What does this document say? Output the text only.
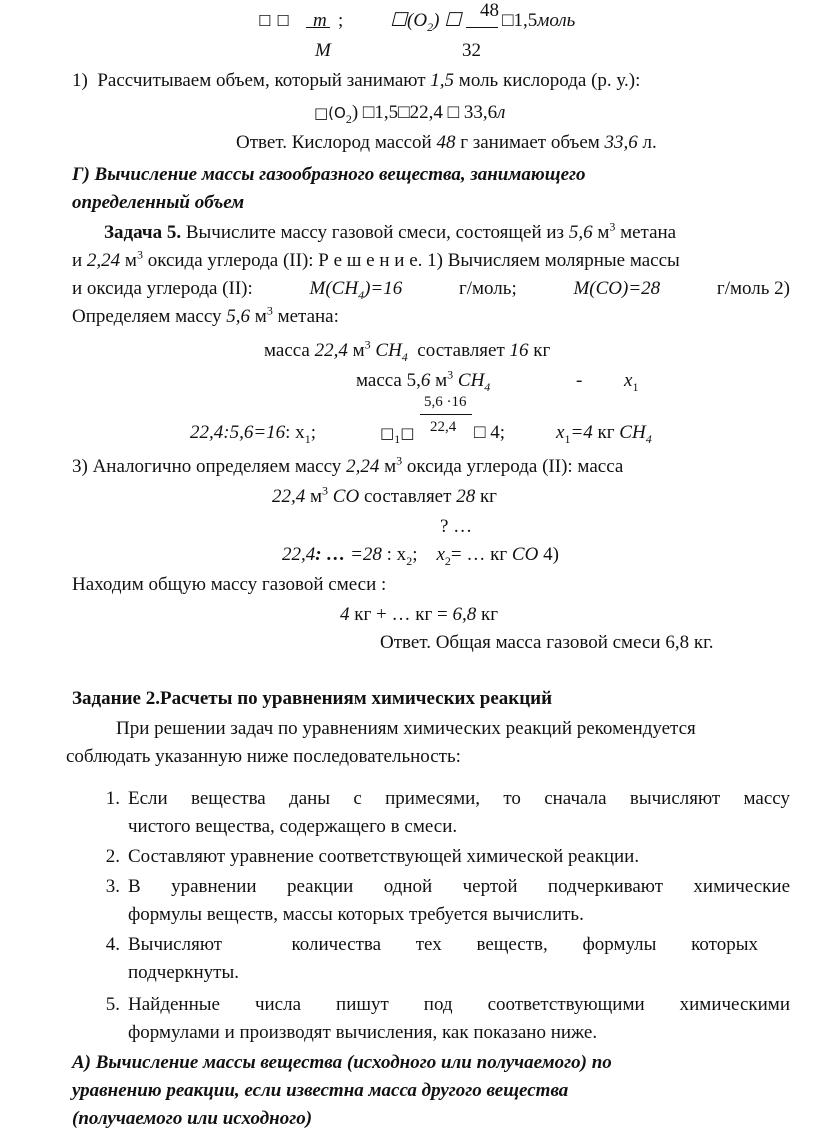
☐ ☐ m ; $☐(O_2)$ ☐ 48 □1,5моль
M	32
1) Рассчитываем объем, который занимают 1,5 моль кислорода (р. у.):
$□(O_2)$ □1,5□22,4 □ 33,6л
Ответ. Кислород массой 48 г занимает объем 33,6 л.
Г) Вычисление массы газообразного вещества, занимающего
определенный объем
Задача 5. Вычислите массу газовой смеси, состоящей из 5,6 $м^3$ метана
и 2,24 $м^3$ оксида углерода (II): Р е ш е н и е. 1) Вычисляем молярные массы
и оксида углерода (II):	$M(CH_4)=16$	г/моль;	M(CO)=28	г/моль 2)
Определяем массу 5,6 $м^3$ метана:
масса 22,4 $м^3$ $CH_4$ составляет 16 кг
масса 5,6 $м^3$ $CH_4$	- $x_1$
5,6 ·16
22,4
22,4:5,6=16: $x_1$;	$□_1□$	□ 4;	$x_1=4$ кг $CH_4$
3) Аналогично определяем массу 2,24 $м^3$ оксида углерода (II): масса
22,4 $м^3$ CO составляет 28 кг
? …
22,4: … =28 : $x_2$; $x_2=$ … кг CO 4)
Находим общую массу газовой смеси :
4 кг + … кг = 6,8 кг
Ответ. Общая масса газовой смеси 6,8 кг.
Задание 2.Расчеты по уравнениям химических реакций
При решении задач по уравнениям химических реакций рекомендуется
соблюдать указанную ниже последовательность:
1. Если вещества даны с примесями, то сначала вычисляют массу
чистого вещества, содержащего в смеси.
2. Составляют уравнение соответствующей химической реакции.
3. В уравнении реакции одной чертой подчеркивают химические
формулы веществ, массы которых требуется вычислить.
4. Вычисляют  количества тех веществ, формулы которых
подчеркнуты.
5. Найденные числа пишут под соответствующими химическими
формулами и производят вычисления, как показано ниже.
А) Вычисление массы вещества (исходного или получаемого) по
уравнению реакции, если известна масса другого вещества
(получаемого или исходного)
